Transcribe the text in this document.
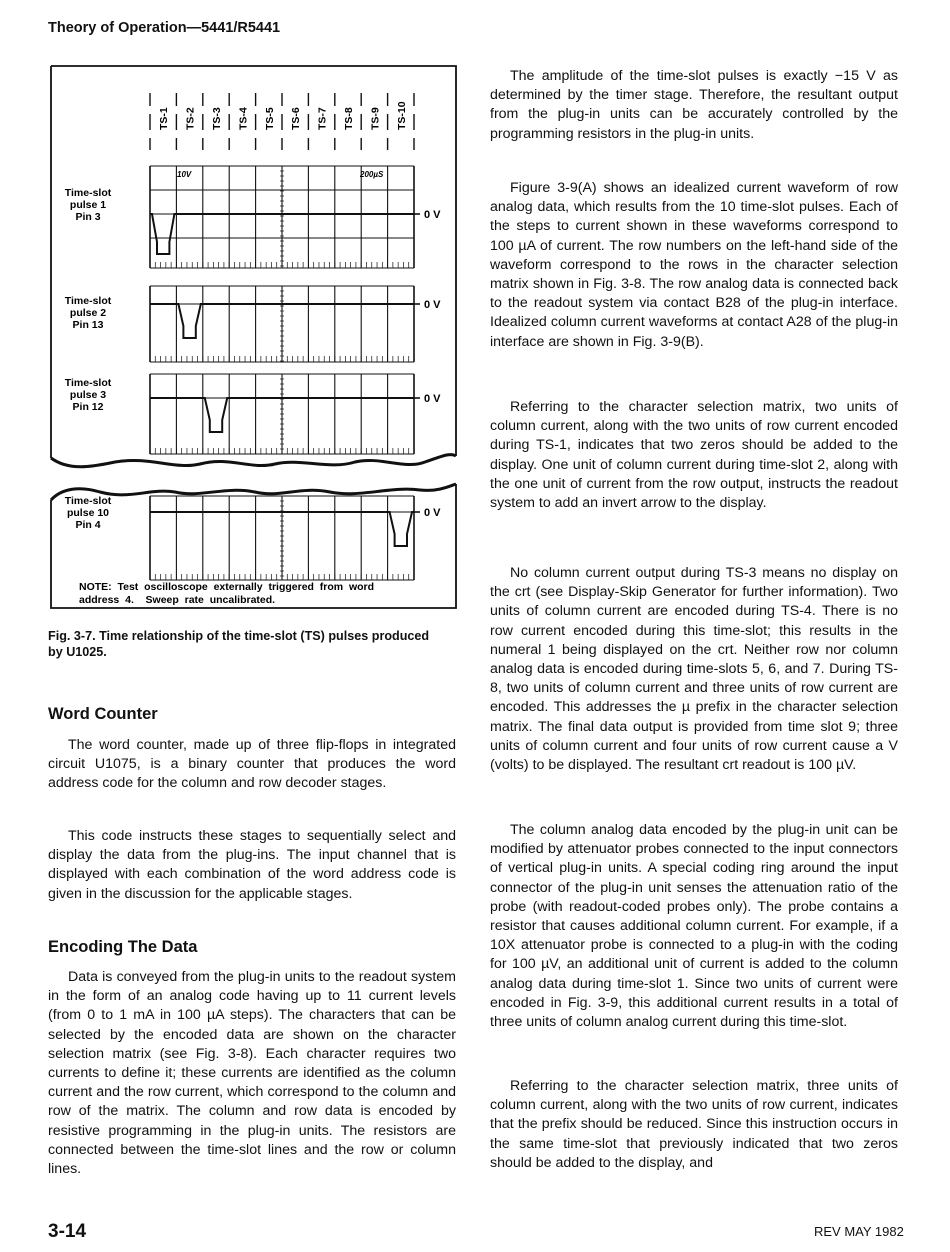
Theory of Operation—5441/R5441
TS-1 TS-2 TS-3 TS-4 TS-5 TS-6 TS-7 TS-8 TS-9 TS-10
Time-slot
pulse 1
Pin 3
Time-slot
pulse 2
Pin 13
Time-slot
pulse 3
Pin 12
Time-slot
pulse 10
Pin 4
0 V
0 V
0 V
0 V
10V	200µS
NOTE:  Test  oscilloscope  externally  triggered  from  word
address  4.    Sweep  rate  uncalibrated.
Fig. 3-7. Time relationship of the time-slot (TS) pulses produced
by U1025.
Word Counter

The word counter, made up of three flip-flops in integrated circuit U1075, is a binary counter that produces the word address code for the column and row decoder stages.

This code instructs these stages to sequentially select and display the data from the plug-ins. The input channel that is displayed with each combination of the word address code is given in the discussion for the applicable stages.

Encoding The Data

Data is conveyed from the plug-in units to the readout system in the form of an analog code having up to 11 current levels (from 0 to 1 mA in 100 µA steps). The characters that can be selected by the encoded data are shown on the character selection matrix (see Fig. 3-8). Each character requires two currents to define it; these currents are identified as the column current and the row current, which correspond to the column and row of the matrix. The column and row data is encoded by resistive programming in the plug-in units. The resistors are connected between the time-slot lines and the row or column lines.

The amplitude of the time-slot pulses is exactly −15 V as determined by the timer stage. Therefore, the resultant output from the plug-in units can be accurately controlled by the programming resistors in the plug-in units.

Figure 3-9(A) shows an idealized current waveform of row analog data, which results from the 10 time-slot pulses. Each of the steps to current shown in these waveforms correspond to 100 µA of current. The row numbers on the left-hand side of the waveform correspond to the rows in the character selection matrix shown in Fig. 3-8. The row analog data is connected back to the readout system via contact B28 of the plug-in interface. Idealized column current waveforms at contact A28 of the plug-in interface are shown in Fig. 3-9(B).

Referring to the character selection matrix, two units of column current, along with the two units of row current encoded during TS-1, indicates that two zeros should be added to the display. One unit of column current during time-slot 2, along with the one unit of current from the row output, instructs the readout system to add an invert arrow to the display.

No column current output during TS-3 means no display on the crt (see Display-Skip Generator for further information). Two units of column current are encoded during TS-4. There is no row current encoded during this time-slot; this results in the numeral 1 being displayed on the crt. Neither row nor column analog data is encoded during time-slots 5, 6, and 7. During TS-8, two units of column current and three units of row current are encoded. This addresses the µ prefix in the character selection matrix. The final data output is provided from time slot 9; three units of column current and four units of row current cause a V (volts) to be displayed. The resultant crt readout is 100 µV.

The column analog data encoded by the plug-in unit can be modified by attenuator probes connected to the input connectors of vertical plug-in units. A special coding ring around the input connector of the plug-in unit senses the attenuation ratio of the probe (with readout-coded probes only). The probe contains a resistor that causes additional column current. For example, if a 10X attenuator probe is connected to a plug-in with the coding for 100 µV, an additional unit of current is added to the column analog data during time-slot 1. Since two units of current were encoded in Fig. 3-9, this additional current results in a total of three units of column analog current during this time-slot.

Referring to the character selection matrix, three units of column current, along with the two units of row current, indicates that the prefix should be reduced. Since this instruction occurs in the same time-slot that previously indicated that two zeros should be added to the display, and

3-14	REV MAY 1982
